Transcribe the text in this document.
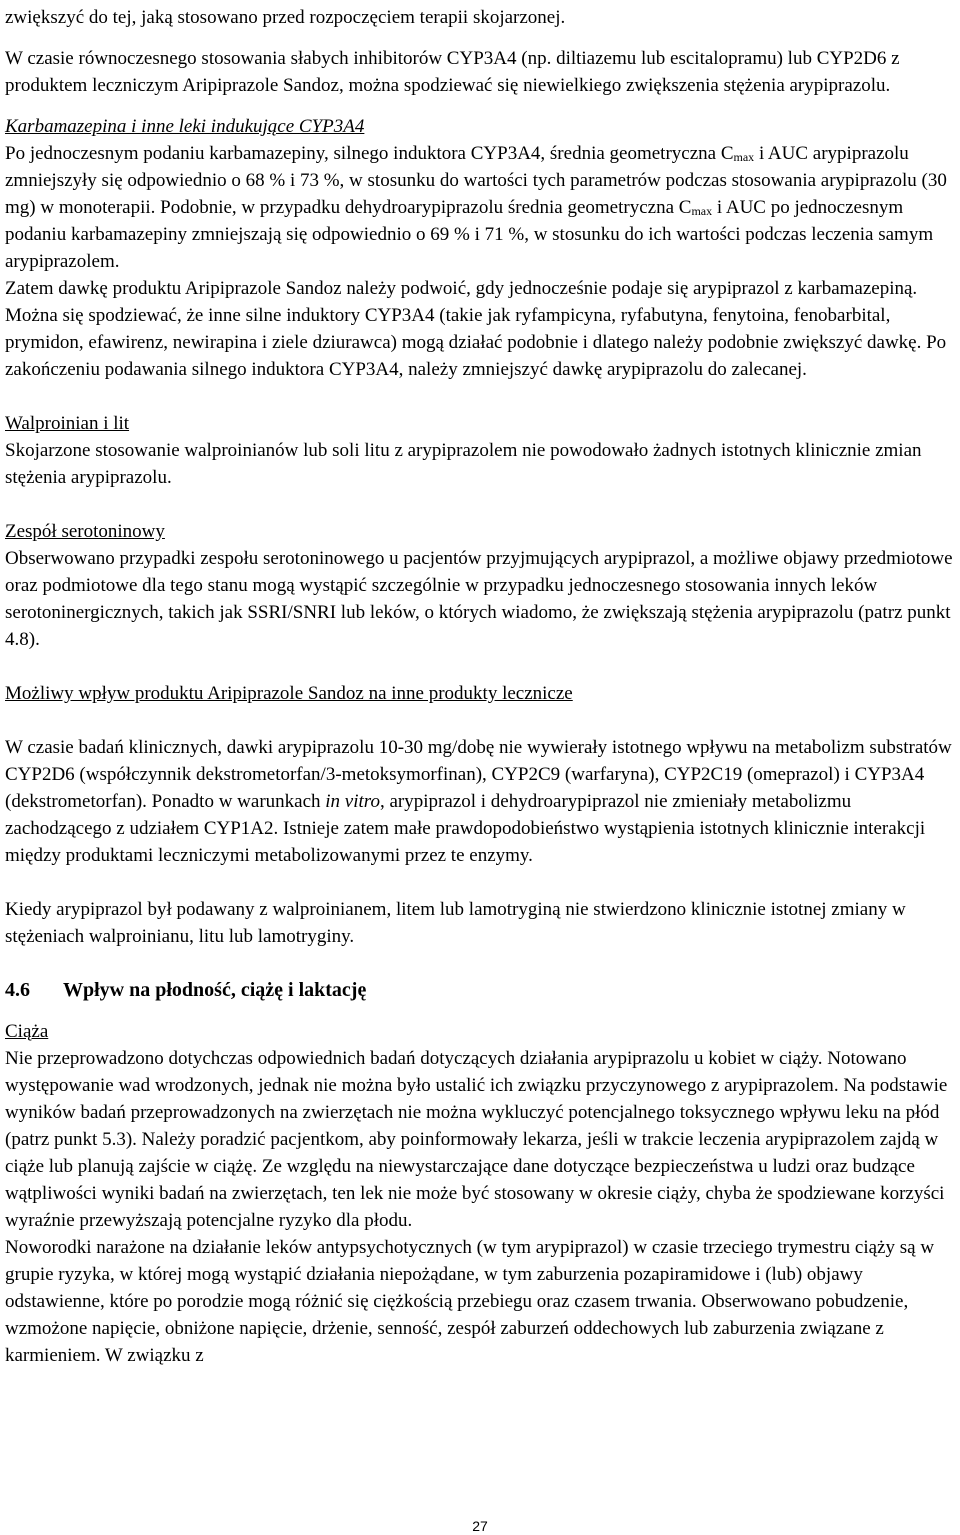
zwiększyć do tej, jaką stosowano przed rozpoczęciem terapii skojarzonej.

W czasie równoczesnego stosowania słabych inhibitorów CYP3A4 (np. diltiazemu lub escitalopramu) lub CYP2D6 z produktem leczniczym Aripiprazole Sandoz, można spodziewać się niewielkiego zwiększenia stężenia arypiprazolu.

Karbamazepina i inne leki indukujące CYP3A4

Po jednoczesnym podaniu karbamazepiny, silnego induktora CYP3A4, średnia geometryczna $C_{max}$ i AUC arypiprazolu zmniejszyły się odpowiednio o 68 % i 73 %, w stosunku do wartości tych parametrów podczas stosowania arypiprazolu (30 mg) w monoterapii. Podobnie, w przypadku dehydroarypiprazolu średnia geometryczna $C_{max}$ i AUC po jednoczesnym podaniu karbamazepiny zmniejszają się odpowiednio o 69 % i 71 %, w stosunku do ich wartości podczas leczenia samym arypiprazolem.

Zatem dawkę produktu Aripiprazole Sandoz należy podwoić, gdy jednocześnie podaje się arypiprazol z karbamazepiną. Można się spodziewać, że inne silne induktory CYP3A4 (takie jak ryfampicyna, ryfabutyna, fenytoina, fenobarbital, prymidon, efawirenz, newirapina i ziele dziurawca) mogą działać podobnie i dlatego należy podobnie zwiększyć dawkę. Po zakończeniu podawania silnego induktora CYP3A4, należy zmniejszyć dawkę arypiprazolu do zalecanej.

Walproinian i lit

Skojarzone stosowanie walproinianów lub soli litu z arypiprazolem nie powodowało żadnych istotnych klinicznie zmian stężenia arypiprazolu.

Zespół serotoninowy

Obserwowano przypadki zespołu serotoninowego u pacjentów przyjmujących arypiprazol, a możliwe objawy przedmiotowe oraz podmiotowe dla tego stanu mogą wystąpić szczególnie w przypadku jednoczesnego stosowania innych leków serotoninergicznych, takich jak SSRI/SNRI lub leków, o których wiadomo, że zwiększają stężenia arypiprazolu (patrz punkt 4.8).

Możliwy wpływ produktu Aripiprazole Sandoz na inne produkty lecznicze

W czasie badań klinicznych, dawki arypiprazolu 10-30 mg/dobę nie wywierały istotnego wpływu na metabolizm substratów CYP2D6 (współczynnik dekstrometorfan/3-metoksymorfinan), CYP2C9 (warfaryna), CYP2C19 (omeprazol) i CYP3A4 (dekstrometorfan). Ponadto w warunkach in vitro, arypiprazol i dehydroarypiprazol nie zmieniały metabolizmu zachodzącego z udziałem CYP1A2. Istnieje zatem małe prawdopodobieństwo wystąpienia istotnych klinicznie interakcji między produktami leczniczymi metabolizowanymi przez te enzymy.

Kiedy arypiprazol był podawany z walproinianem, litem lub lamotryginą nie stwierdzono klinicznie istotnej zmiany w stężeniach walproinianu, litu lub lamotryginy.

4.6 Wpływ na płodność, ciążę i laktację

Ciąża

Nie przeprowadzono dotychczas odpowiednich badań dotyczących działania arypiprazolu u kobiet w ciąży. Notowano występowanie wad wrodzonych, jednak nie można było ustalić ich związku przyczynowego z arypiprazolem. Na podstawie wyników badań przeprowadzonych na zwierzętach nie można wykluczyć potencjalnego toksycznego wpływu leku na płód (patrz punkt 5.3). Należy poradzić pacjentkom, aby poinformowały lekarza, jeśli w trakcie leczenia arypiprazolem zajdą w ciąże lub planują zajście w ciążę. Ze względu na niewystarczające dane dotyczące bezpieczeństwa u ludzi oraz budzące wątpliwości wyniki badań na zwierzętach, ten lek nie może być stosowany w okresie ciąży, chyba że spodziewane korzyści wyraźnie przewyższają potencjalne ryzyko dla płodu.

Noworodki narażone na działanie leków antypsychotycznych (w tym arypiprazol) w czasie trzeciego trymestru ciąży są w grupie ryzyka, w której mogą wystąpić działania niepożądane, w tym zaburzenia pozapiramidowe i (lub) objawy odstawienne, które po porodzie mogą różnić się ciężkością przebiegu oraz czasem trwania. Obserwowano pobudzenie, wzmożone napięcie, obniżone napięcie, drżenie, senność, zespół zaburzeń oddechowych lub zaburzenia związane z karmieniem. W związku z

27
